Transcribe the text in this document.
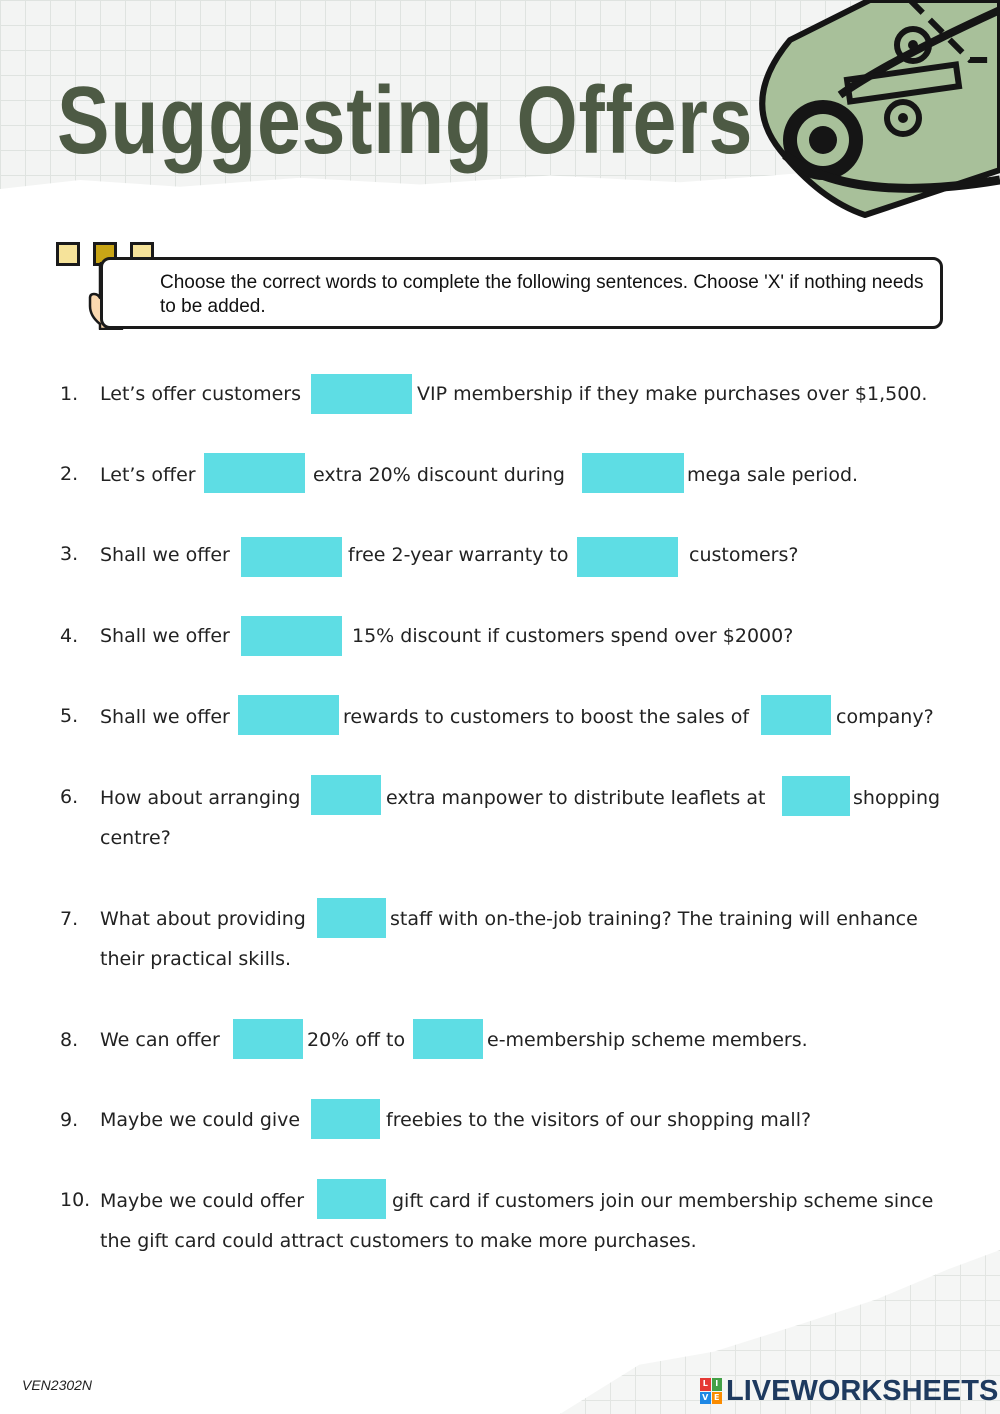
Suggesting Offers
Choose the correct words to complete the following sentences. Choose 'X' if nothing needs to be added.
1. Let’s offer customers	VIP membership if they make purchases over $1,500.
2. Let’s offer	extra 20% discount during	mega sale period.
3. Shall we offer	free 2-year warranty to	customers?
4. Shall we offer	15% discount if customers spend over $2000?
5. Shall we offer	rewards to customers to boost the sales of	company?
6. How about arranging	extra manpower to distribute leaflets at	shopping
centre?
7. What about providing	staff with on-the-job training? The training will enhance
their practical skills.
8. We can offer	20% off to	e-membership scheme members.
9. Maybe we could give	freebies to the visitors of our shopping mall?
10. Maybe we could offer	gift card if customers join our membership scheme since
the gift card could attract customers to make more purchases.
VEN2302N	L I
V E LIVEWORKSHEETS
